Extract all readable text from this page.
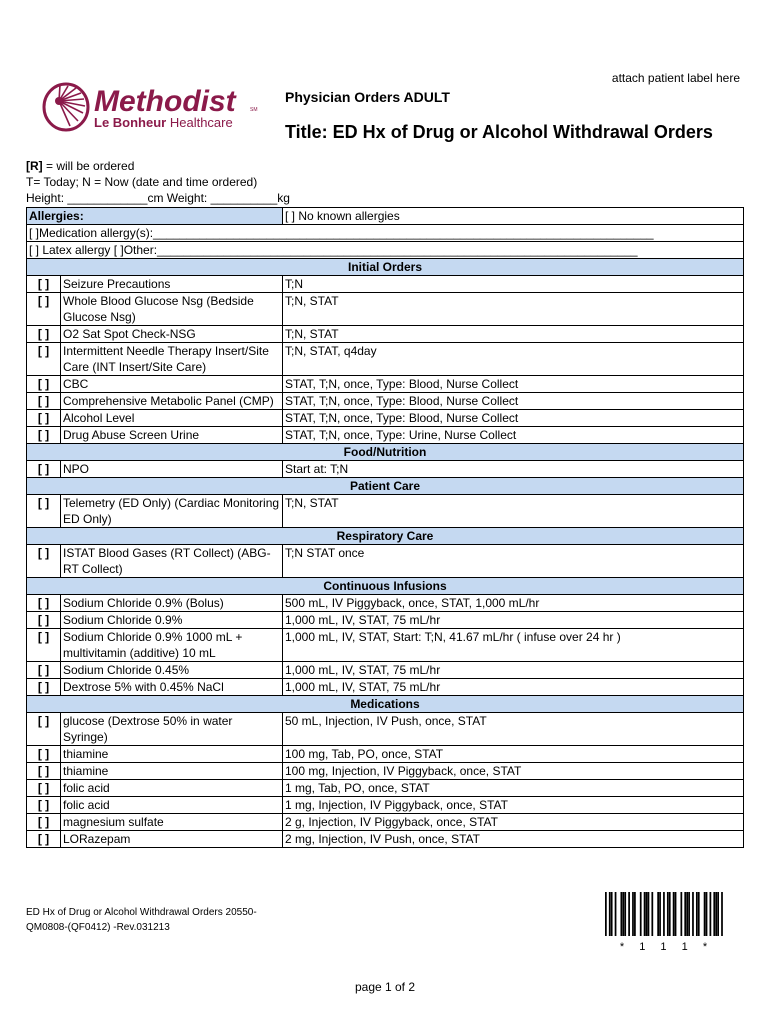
attach patient label here
Methodist	SM
Le Bonheur Healthcare
Physician Orders ADULT
Title: ED Hx of Drug or Alcohol Withdrawal Orders
[R] = will be ordered
T= Today; N = Now (date and time ordered)
Height: ____________cm Weight: __________kg
Allergies:		[ ] No known allergies
[ ]Medication allergy(s):___________________________________________________________________________		
[ ] Latex allergy [ ]Other:________________________________________________________________________		
Initial Orders		
[ ]	Seizure Precautions	T;N
[ ]	Whole Blood Glucose Nsg (Bedside Glucose Nsg)	T;N, STAT
[ ]	O2 Sat Spot Check-NSG	T;N, STAT
[ ]	Intermittent Needle Therapy Insert/Site Care (INT Insert/Site Care)	T;N, STAT, q4day
[ ]	CBC	STAT, T;N, once, Type: Blood, Nurse Collect
[ ]	Comprehensive Metabolic Panel (CMP)	STAT, T;N, once, Type: Blood, Nurse Collect
[ ]	Alcohol Level	STAT, T;N, once, Type: Blood, Nurse Collect
[ ]	Drug Abuse Screen Urine	STAT, T;N, once, Type: Urine, Nurse Collect
Food/Nutrition		
[ ]	NPO	Start at: T;N
Patient Care		
[ ]	Telemetry (ED Only) (Cardiac Monitoring ED Only)	T;N, STAT
Respiratory Care		
[ ]	ISTAT Blood Gases (RT Collect) (ABG- RT Collect)	T;N STAT once
Continuous Infusions		
[ ]	Sodium Chloride 0.9% (Bolus)	500 mL, IV Piggyback, once, STAT, 1,000 mL/hr
[ ]	Sodium Chloride 0.9%	1,000 mL, IV, STAT, 75 mL/hr
[ ]	Sodium Chloride 0.9% 1000 mL + multivitamin (additive) 10 mL	1,000 mL, IV, STAT, Start: T;N, 41.67 mL/hr ( infuse over 24 hr )
[ ]	Sodium Chloride 0.45%	1,000 mL, IV, STAT, 75 mL/hr
[ ]	Dextrose 5% with 0.45% NaCl	1,000 mL, IV, STAT, 75 mL/hr
Medications		
[ ]	glucose (Dextrose 50% in water Syringe)	50 mL, Injection, IV Push, once, STAT
[ ]	thiamine	100 mg, Tab, PO, once, STAT
[ ]	thiamine	100 mg, Injection, IV Piggyback, once, STAT
[ ]	folic acid	1 mg, Tab, PO, once, STAT
[ ]	folic acid	1 mg, Injection, IV Piggyback, once, STAT
[ ]	magnesium sulfate	2 g, Injection, IV Piggyback, once, STAT
[ ]	LORazepam	2 mg, Injection, IV Push, once, STAT
ED Hx of Drug or Alcohol Withdrawal Orders 20550-
QM0808-(QF0412) -Rev.031213
*  1  1  1  *
page 1 of 2
